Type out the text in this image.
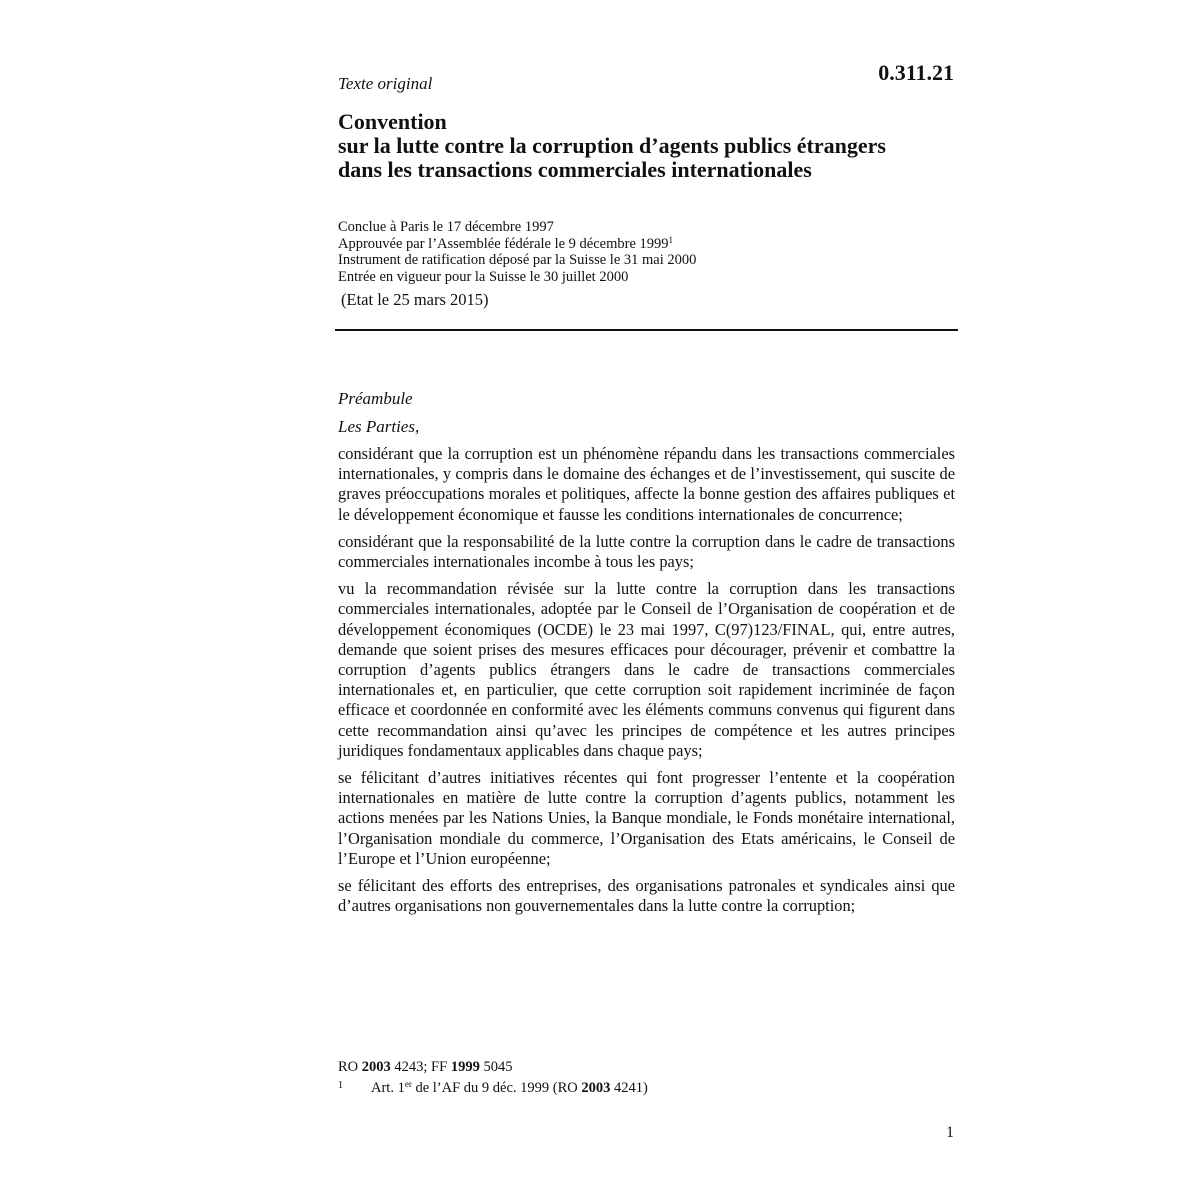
Texte original	0.311.21
Convention
sur la lutte contre la corruption d’agents publics étrangers
dans les transactions commerciales internationales
Conclue à Paris le 17 décembre 1997
Approuvée par l’Assemblée fédérale le 9 décembre 1999$^1$
Instrument de ratification déposé par la Suisse le 31 mai 2000
Entrée en vigueur pour la Suisse le 30 juillet 2000
(Etat le 25 mars 2015)
Préambule
Les Parties,

considérant que la corruption est un phénomène répandu dans les transactions commerciales internationales, y compris dans le domaine des échanges et de l’investissement, qui suscite de graves préoccupations morales et politiques, affecte la bonne gestion des affaires publiques et le développement économique et fausse les conditions internationales de concurrence;

considérant que la responsabilité de la lutte contre la corruption dans le cadre de transactions commerciales internationales incombe à tous les pays;

vu la recommandation révisée sur la lutte contre la corruption dans les transactions commerciales internationales, adoptée par le Conseil de l’Organisation de coopération et de développement économiques (OCDE) le 23 mai 1997, C(97)123/FINAL, qui, entre autres, demande que soient prises des mesures efficaces pour décourager, prévenir et combattre la corruption d’agents publics étrangers dans le cadre de transactions commerciales internationales et, en particulier, que cette corruption soit rapidement incriminée de façon efficace et coordonnée en conformité avec les éléments communs convenus qui figurent dans cette recommandation ainsi qu’avec les principes de compétence et les autres principes juridiques fondamentaux applicables dans chaque pays;

se félicitant d’autres initiatives récentes qui font progresser l’entente et la coopération internationales en matière de lutte contre la corruption d’agents publics, notamment les actions menées par les Nations Unies, la Banque mondiale, le Fonds monétaire international, l’Organisation mondiale du commerce, l’Organisation des Etats américains, le Conseil de l’Europe et l’Union européenne;

se félicitant des efforts des entreprises, des organisations patronales et syndicales ainsi que d’autres organisations non gouvernementales dans la lutte contre la corruption;

RO 2003 4243; FF 1999 5045
1 Art. 1er de l’AF du 9 déc. 1999 (RO 2003 4241)
1
